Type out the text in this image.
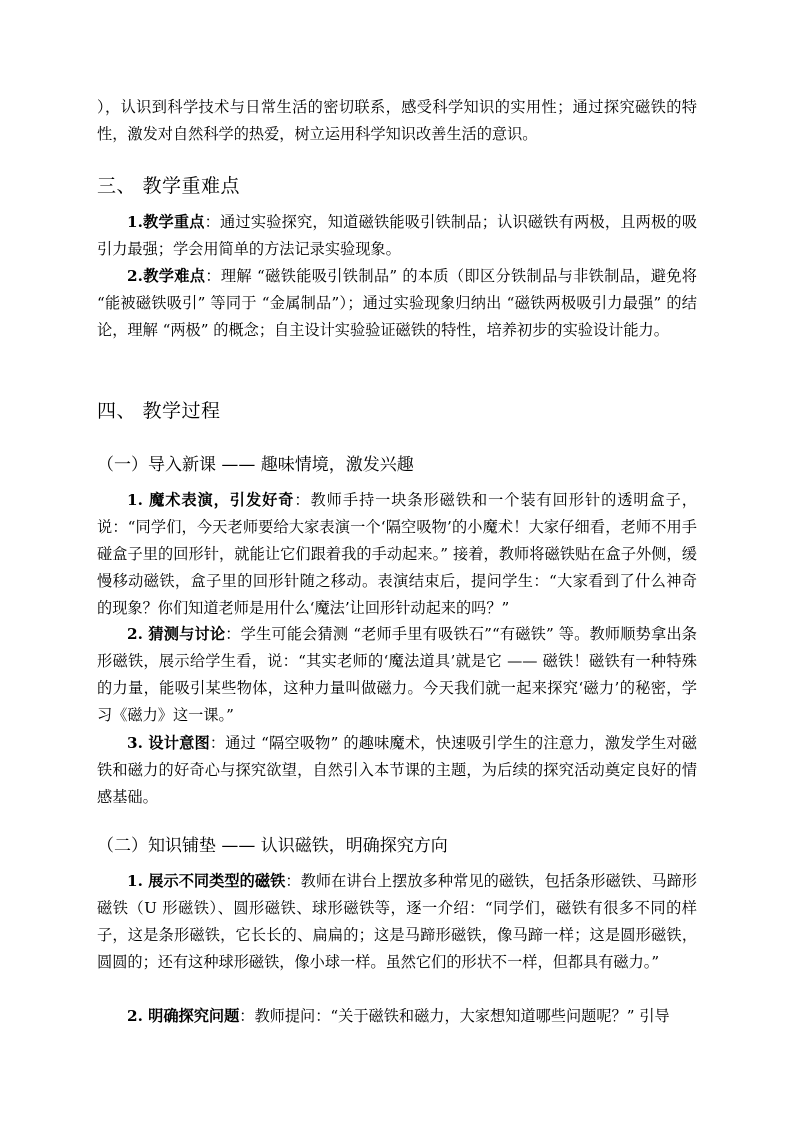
），认识到科学技术与日常生活的密切联系，感受科学知识的实用性；通过探究磁铁的特性，激发对自然科学的热爱，树立运用科学知识改善生活的意识。

三、 教学重难点

1.教学重点：通过实验探究，知道磁铁能吸引铁制品；认识磁铁有两极，且两极的吸引力最强；学会用简单的方法记录实验现象。

2.教学难点：理解 “磁铁能吸引铁制品” 的本质（即区分铁制品与非铁制品，避免将 “能被磁铁吸引” 等同于 “金属制品”）；通过实验现象归纳出 “磁铁两极吸引力最强” 的结论，理解 “两极” 的概念；自主设计实验验证磁铁的特性，培养初步的实验设计能力。

四、 教学过程
（一）导入新课 —— 趣味情境，激发兴趣

1. 魔术表演，引发好奇：教师手持一块条形磁铁和一个装有回形针的透明盒子，说：“同学们，今天老师要给大家表演一个‘隔空吸物’的小魔术！大家仔细看，老师不用手碰盒子里的回形针，就能让它们跟着我的手动起来。” 接着，教师将磁铁贴在盒子外侧，缓慢移动磁铁，盒子里的回形针随之移动。表演结束后，提问学生：“大家看到了什么神奇的现象？你们知道老师是用什么‘魔法’让回形针动起来的吗？”

2. 猜测与讨论：学生可能会猜测 “老师手里有吸铁石”“有磁铁” 等。教师顺势拿出条形磁铁，展示给学生看，说：“其实老师的‘魔法道具’就是它 —— 磁铁！磁铁有一种特殊的力量，能吸引某些物体，这种力量叫做磁力。今天我们就一起来探究‘磁力’的秘密，学习《磁力》这一课。”

3. 设计意图：通过 “隔空吸物” 的趣味魔术，快速吸引学生的注意力，激发学生对磁铁和磁力的好奇心与探究欲望，自然引入本节课的主题，为后续的探究活动奠定良好的情感基础。

（二）知识铺垫 —— 认识磁铁，明确探究方向

1. 展示不同类型的磁铁：教师在讲台上摆放多种常见的磁铁，包括条形磁铁、马蹄形磁铁（U 形磁铁）、圆形磁铁、球形磁铁等，逐一介绍：“同学们，磁铁有很多不同的样子，这是条形磁铁，它长长的、扁扁的；这是马蹄形磁铁，像马蹄一样；这是圆形磁铁，圆圆的；还有这种球形磁铁，像小球一样。虽然它们的形状不一样，但都具有磁力。”

2. 明确探究问题：教师提问：“关于磁铁和磁力，大家想知道哪些问题呢？” 引导
